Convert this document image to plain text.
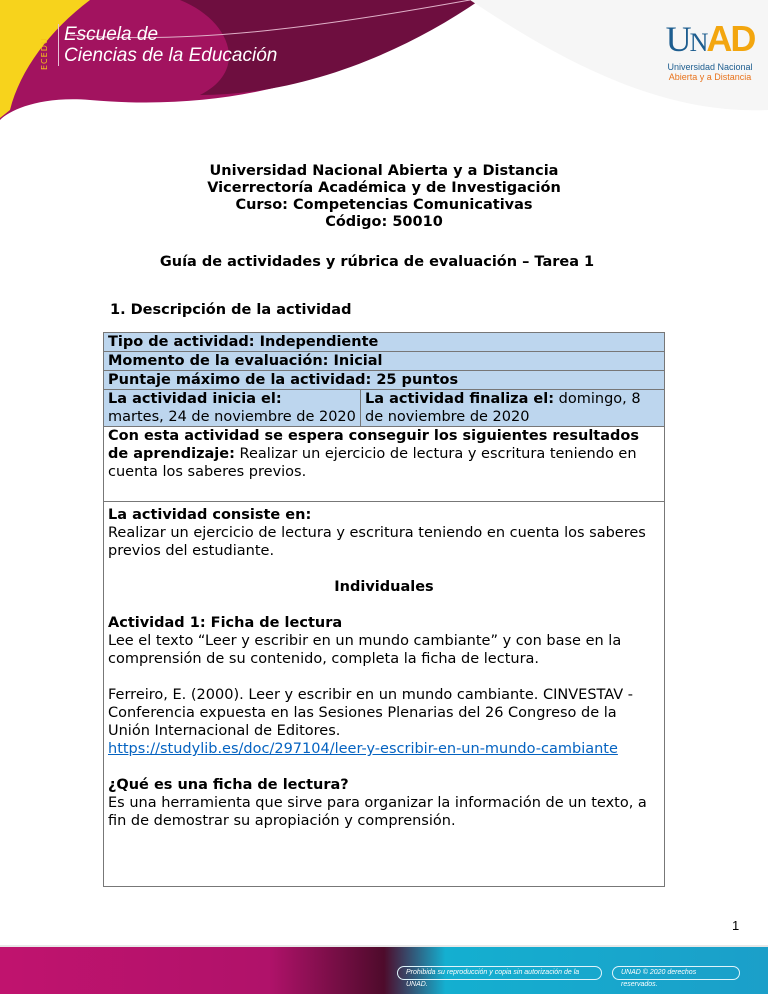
ECEDU
Escuela de
Ciencias de la Educación	UNAD
Universidad Nacional
Abierta y a Distancia
Universidad Nacional Abierta y a Distancia
Vicerrectoría Académica y de Investigación
Curso: Competencias Comunicativas
Código: 50010
Guía de actividades y rúbrica de evaluación – Tarea 1
1. Descripción de la actividad
Tipo de actividad: Independiente
Momento de la evaluación: Inicial
Puntaje máximo de la actividad: 25 puntos
La actividad inicia el:
martes, 24 de noviembre de 2020	La actividad finaliza el: domingo, 8 de noviembre de 2020
Con esta actividad se espera conseguir los siguientes resultados de aprendizaje: Realizar un ejercicio de lectura y escritura teniendo en cuenta los saberes previos.
La actividad consiste en:
Realizar un ejercicio de lectura y escritura teniendo en cuenta los saberes previos del estudiante.
Individuales
Actividad 1: Ficha de lectura
Lee el texto “Leer y escribir en un mundo cambiante” y con base en la comprensión de su contenido, completa la ficha de lectura.
Ferreiro, E. (2000). Leer y escribir en un mundo cambiante. CINVESTAV - Conferencia expuesta en las Sesiones Plenarias del 26 Congreso de la Unión Internacional de Editores.
https://studylib.es/doc/297104/leer-y-escribir-en-un-mundo-cambiante
¿Qué es una ficha de lectura?
Es una herramienta que sirve para organizar la información de un texto, a fin de demostrar su apropiación y comprensión.
1
Prohibida su reproducción y copia sin autorización de la UNAD.
UNAD © 2020 derechos reservados.
